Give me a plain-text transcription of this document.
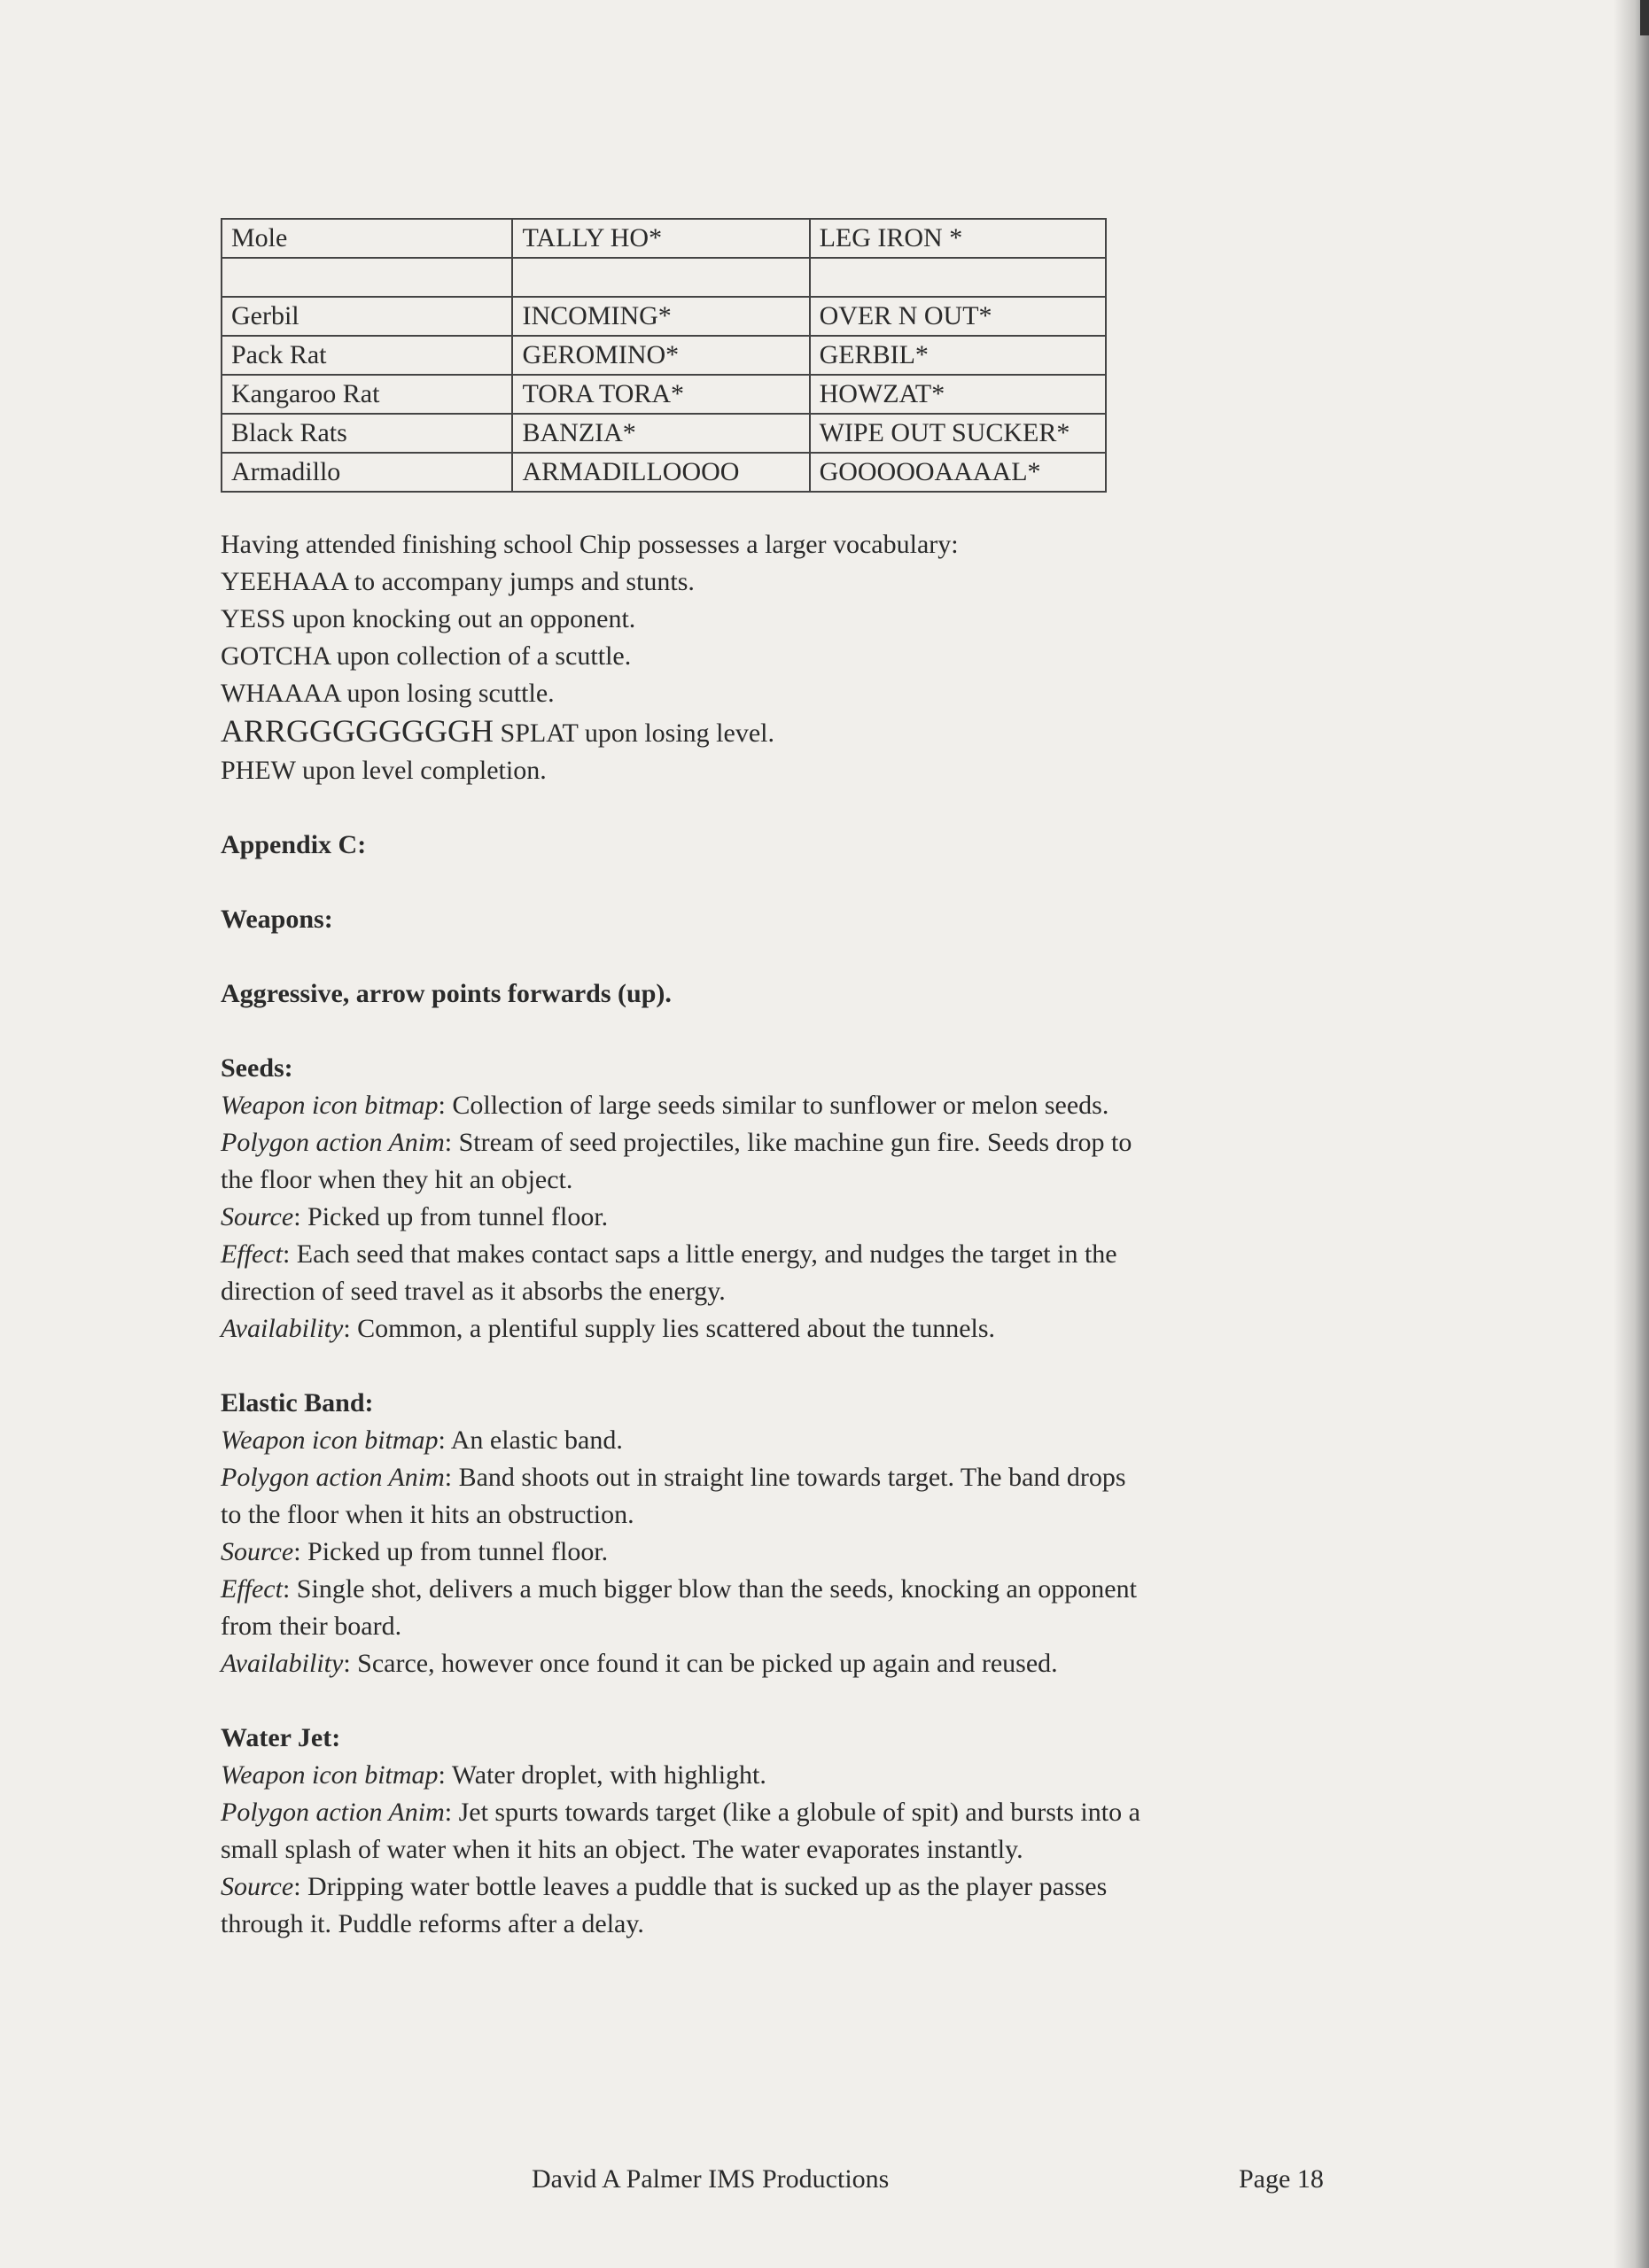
Mole	TALLY HO*	LEG IRON *

Gerbil	INCOMING*	OVER N OUT*
Pack Rat	GEROMINO*	GERBIL*
Kangaroo Rat	TORA TORA*	HOWZAT*
Black Rats	BANZIA*	WIPE OUT SUCKER*
Armadillo	ARMADILLOOOO	GOOOOOAAAAL*
Having attended finishing school Chip possesses a larger vocabulary:
YEEHAAA to accompany jumps and stunts.
YESS upon knocking out an opponent.
GOTCHA upon collection of a scuttle.
WHAAAA upon losing scuttle.
ARRGGGGGGGGH SPLAT upon losing level.
PHEW upon level completion.
Appendix C:
Weapons:
Aggressive, arrow points forwards (up).
Seeds:
Weapon icon bitmap: Collection of large seeds similar to sunflower or melon seeds.
Polygon action Anim: Stream of seed projectiles, like machine gun fire. Seeds drop to
the floor when they hit an object.
Source: Picked up from tunnel floor.
Effect: Each seed that makes contact saps a little energy, and nudges the target in the
direction of seed travel as it absorbs the energy.
Availability: Common, a plentiful supply lies scattered about the tunnels.
Elastic Band:
Weapon icon bitmap: An elastic band.
Polygon action Anim: Band shoots out in straight line towards target. The band drops
to the floor when it hits an obstruction.
Source: Picked up from tunnel floor.
Effect: Single shot, delivers a much bigger blow than the seeds, knocking an opponent
from their board.
Availability: Scarce, however once found it can be picked up again and reused.
Water Jet:
Weapon icon bitmap: Water droplet, with highlight.
Polygon action Anim: Jet spurts towards target (like a globule of spit) and bursts into a
small splash of water when it hits an object. The water evaporates instantly.
Source: Dripping water bottle leaves a puddle that is sucked up as the player passes
through it. Puddle reforms after a delay.
David A Palmer IMS Productions	Page 18
